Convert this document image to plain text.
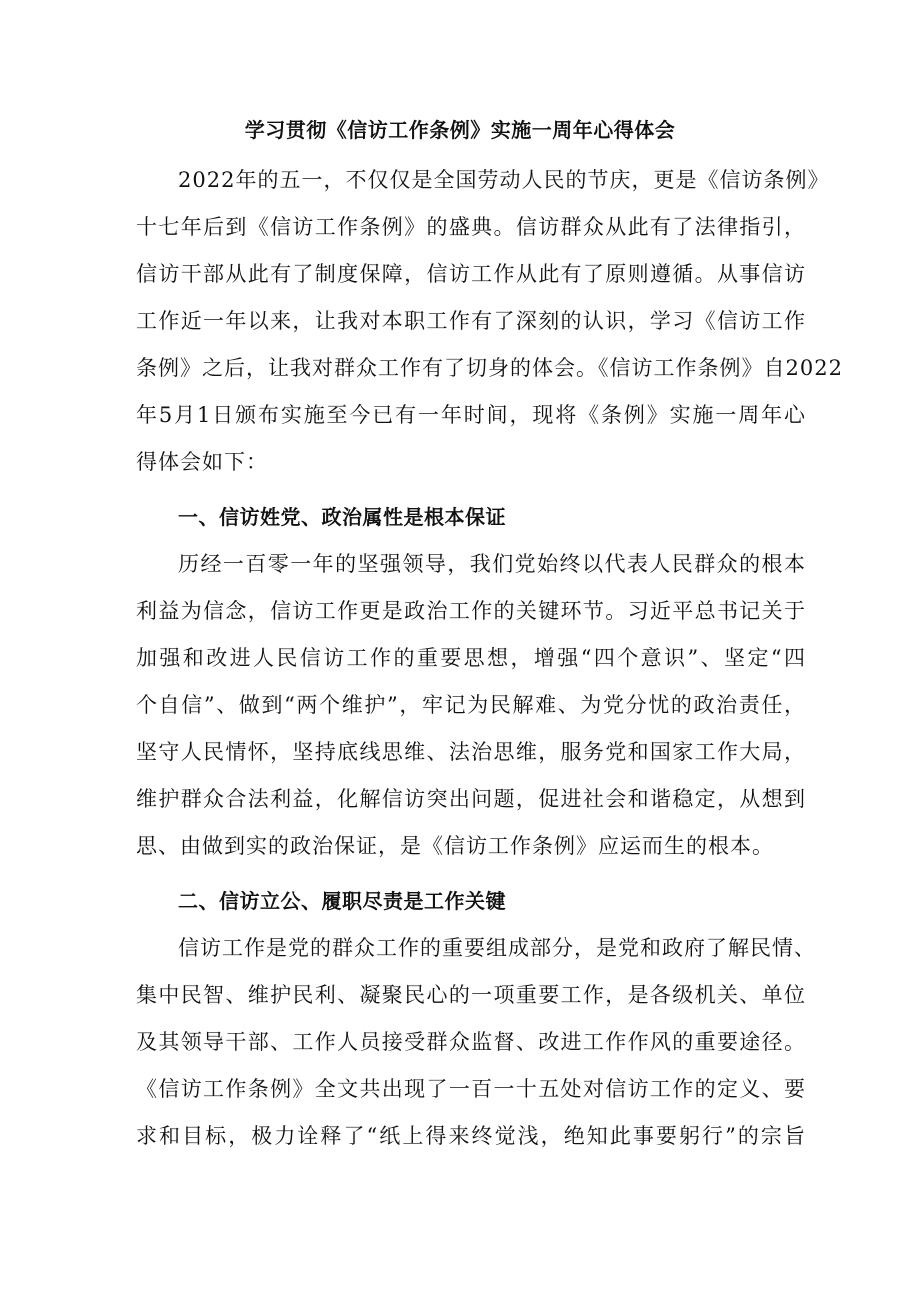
学习贯彻《信访工作条例》实施一周年心得体会
2022年的五一，不仅仅是全国劳动人民的节庆，更是《信访条例》
十七年后到《信访工作条例》的盛典。信访群众从此有了法律指引，
信访干部从此有了制度保障，信访工作从此有了原则遵循。从事信访
工作近一年以来，让我对本职工作有了深刻的认识，学习《信访工作
条例》之后，让我对群众工作有了切身的体会。《信访工作条例》自2022
年5月1日颁布实施至今已有一年时间，现将《条例》实施一周年心
得体会如下：
一、信访姓党、政治属性是根本保证
历经一百零一年的坚强领导，我们党始终以代表人民群众的根本
利益为信念，信访工作更是政治工作的关键环节。习近平总书记关于
加强和改进人民信访工作的重要思想，增强“四个意识”、坚定“四
个自信”、做到“两个维护”，牢记为民解难、为党分忧的政治责任，
坚守人民情怀，坚持底线思维、法治思维，服务党和国家工作大局，
维护群众合法利益，化解信访突出问题，促进社会和谐稳定，从想到
思、由做到实的政治保证，是《信访工作条例》应运而生的根本。
二、信访立公、履职尽责是工作关键
信访工作是党的群众工作的重要组成部分，是党和政府了解民情、
集中民智、维护民利、凝聚民心的一项重要工作，是各级机关、单位
及其领导干部、工作人员接受群众监督、改进工作作风的重要途径。
《信访工作条例》全文共出现了一百一十五处对信访工作的定义、要
求和目标，极力诠释了“纸上得来终觉浅，绝知此事要躬行”的宗旨
